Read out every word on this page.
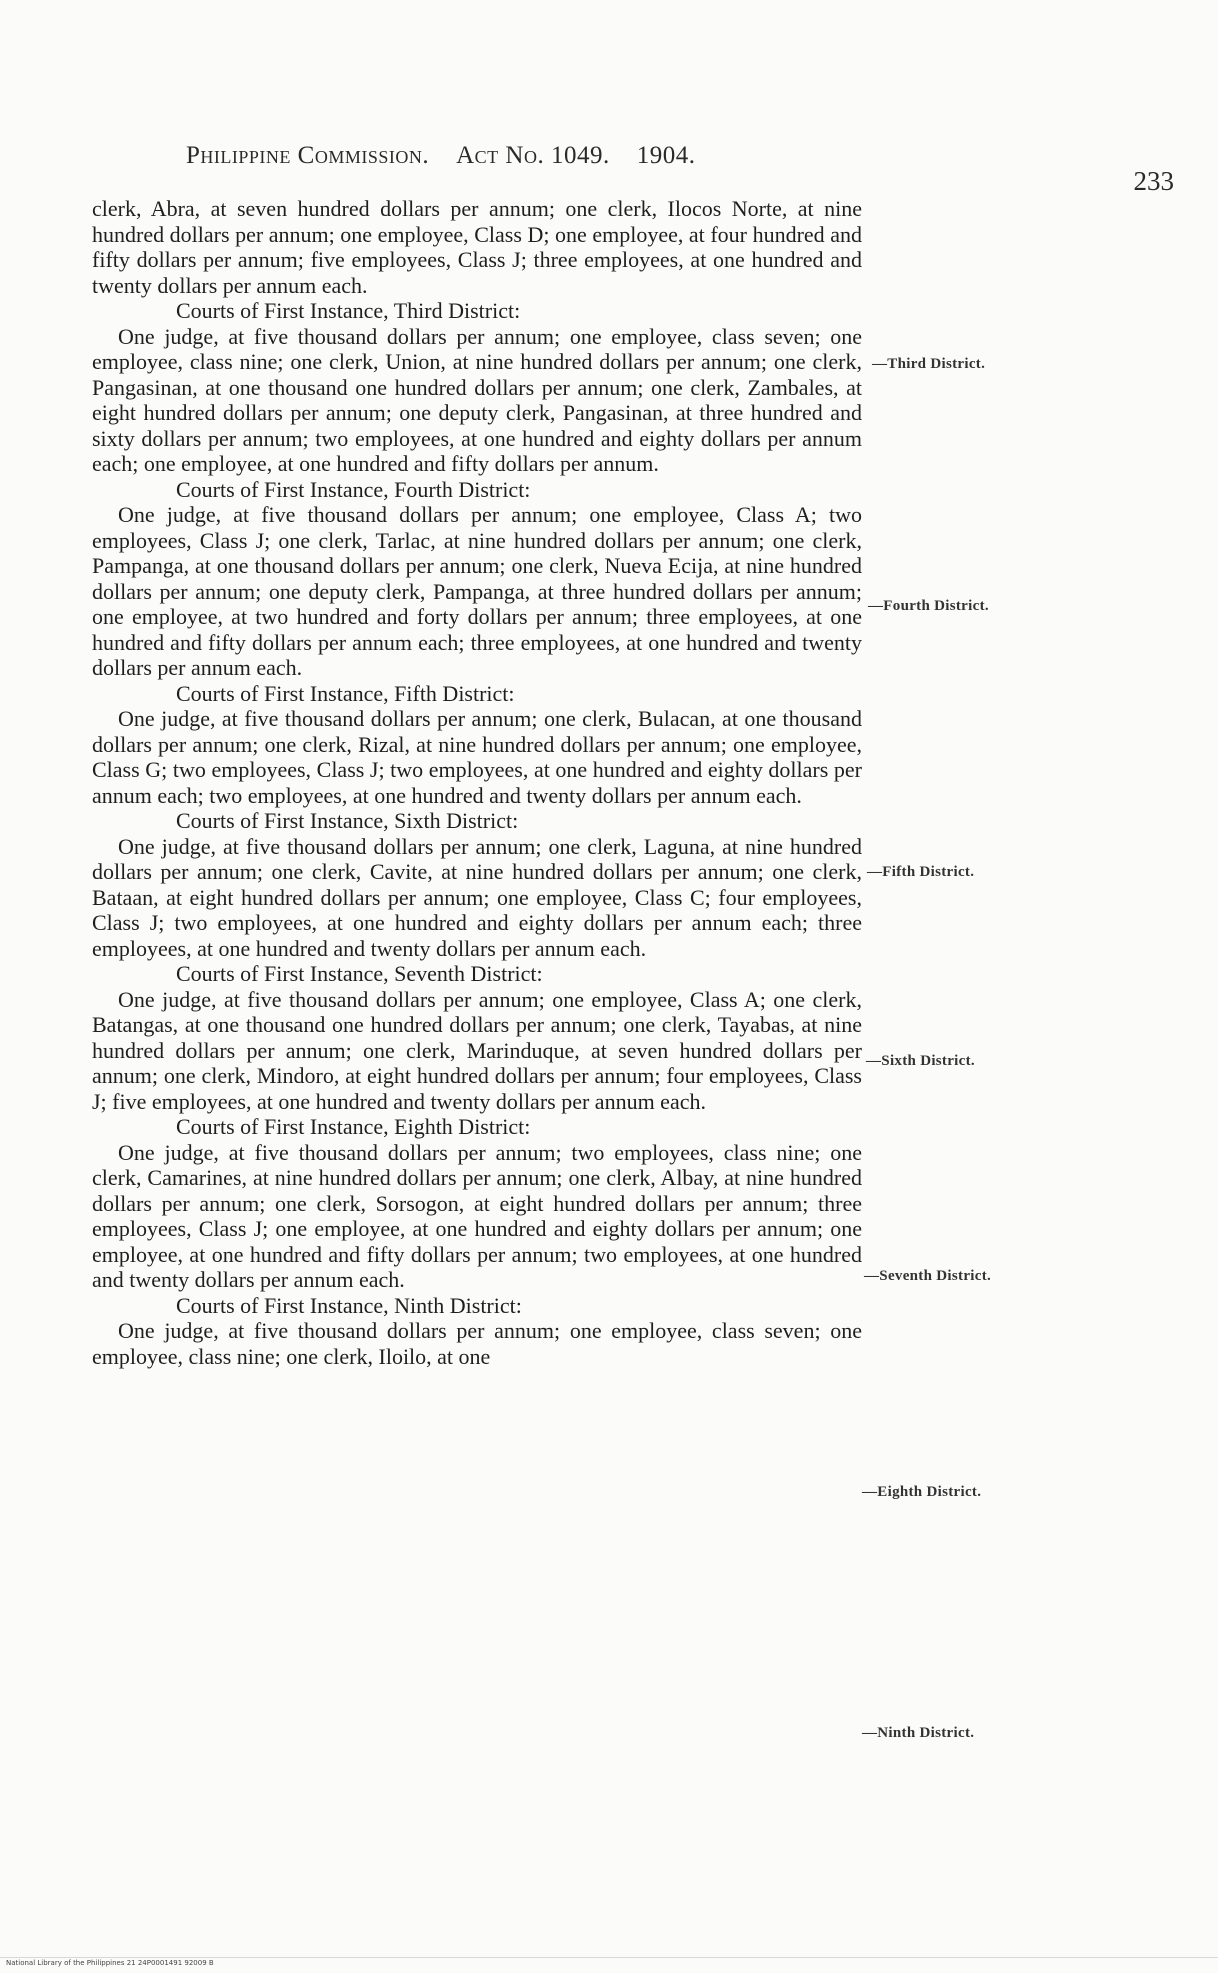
Philippine Commission. Act No. 1049. 1904.
233

clerk, Abra, at seven hundred dollars per annum; one clerk, Ilocos Norte, at nine hundred dollars per annum; one employee, Class D; one employee, at four hundred and fifty dollars per annum; five employees, Class J; three employees, at one hundred and twenty dollars per annum each.

Courts of First Instance, Third District:

One judge, at five thousand dollars per annum; one employee, class seven; one employee, class nine; one clerk, Union, at nine hundred dollars per annum; one clerk, Pangasinan, at one thousand one hundred dollars per annum; one clerk, Zambales, at eight hundred dollars per annum; one deputy clerk, Pangasinan, at three hundred and sixty dollars per annum; two employees, at one hundred and eighty dollars per annum each; one employee, at one hundred and fifty dollars per annum.

Courts of First Instance, Fourth District:

One judge, at five thousand dollars per annum; one employee, Class A; two employees, Class J; one clerk, Tarlac, at nine hundred dollars per annum; one clerk, Pampanga, at one thousand dollars per annum; one clerk, Nueva Ecija, at nine hundred dollars per annum; one deputy clerk, Pampanga, at three hundred dollars per annum; one employee, at two hundred and forty dollars per annum; three employees, at one hundred and fifty dollars per annum each; three employees, at one hundred and twenty dollars per annum each.

Courts of First Instance, Fifth District:

One judge, at five thousand dollars per annum; one clerk, Bulacan, at one thousand dollars per annum; one clerk, Rizal, at nine hundred dollars per annum; one employee, Class G; two employees, Class J; two employees, at one hundred and eighty dollars per annum each; two employees, at one hundred and twenty dollars per annum each.

Courts of First Instance, Sixth District:

One judge, at five thousand dollars per annum; one clerk, Laguna, at nine hundred dollars per annum; one clerk, Cavite, at nine hundred dollars per annum; one clerk, Bataan, at eight hundred dollars per annum; one employee, Class C; four employees, Class J; two employees, at one hundred and eighty dollars per annum each; three employees, at one hundred and twenty dollars per annum each.

Courts of First Instance, Seventh District:

One judge, at five thousand dollars per annum; one employee, Class A; one clerk, Batangas, at one thousand one hundred dollars per annum; one clerk, Tayabas, at nine hundred dollars per annum; one clerk, Marinduque, at seven hundred dollars per annum; one clerk, Mindoro, at eight hundred dollars per annum; four employees, Class J; five employees, at one hundred and twenty dollars per annum each.

Courts of First Instance, Eighth District:

One judge, at five thousand dollars per annum; two employees, class nine; one clerk, Camarines, at nine hundred dollars per annum; one clerk, Albay, at nine hundred dollars per annum; one clerk, Sorsogon, at eight hundred dollars per annum; three employees, Class J; one employee, at one hundred and eighty dollars per annum; one employee, at one hundred and fifty dollars per annum; two employees, at one hundred and twenty dollars per annum each.

Courts of First Instance, Ninth District:

One judge, at five thousand dollars per annum; one employee, class seven; one employee, class nine; one clerk, Iloilo, at one

—Third District.
—Fourth District.
—Fifth District.
—Sixth District.
—Seventh District.
—Eighth District.
—Ninth District.
National Library of the Philippines 21 24P0001491 92009 B
